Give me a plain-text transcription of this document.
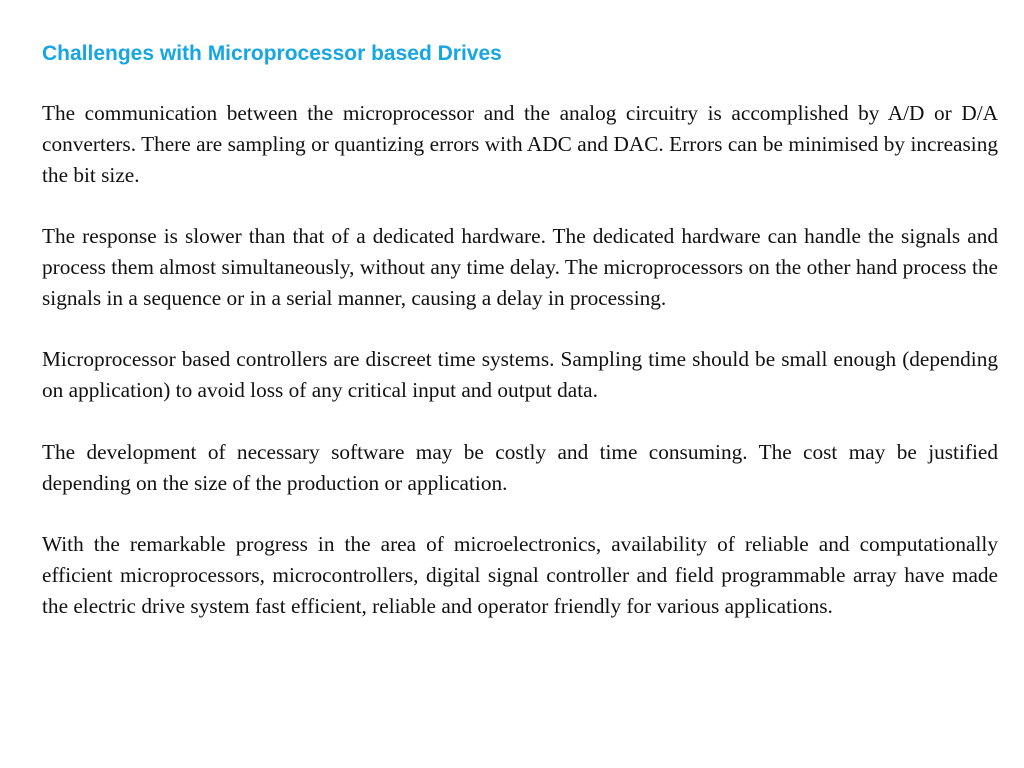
Challenges with Microprocessor based Drives

The communication between the microprocessor and the analog circuitry is accomplished by A/D or D/A converters. There are sampling or quantizing errors with ADC and DAC. Errors can be minimised by increasing the bit size.

The response is slower than that of a dedicated hardware. The dedicated hardware can handle the signals and process them almost simultaneously, without any time delay. The microprocessors on the other hand process the signals in a sequence or in a serial manner, causing a delay in processing.

Microprocessor based controllers are discreet time systems. Sampling time should be small enough (depending on application) to avoid loss of any critical input and output data.

The development of necessary software may be costly and time consuming. The cost may be justified depending on the size of the production or application.

With the remarkable progress in the area of microelectronics, availability of reliable and computationally efficient microprocessors, microcontrollers, digital signal controller and field programmable array have made the electric drive system fast efficient, reliable and operator friendly for various applications.
